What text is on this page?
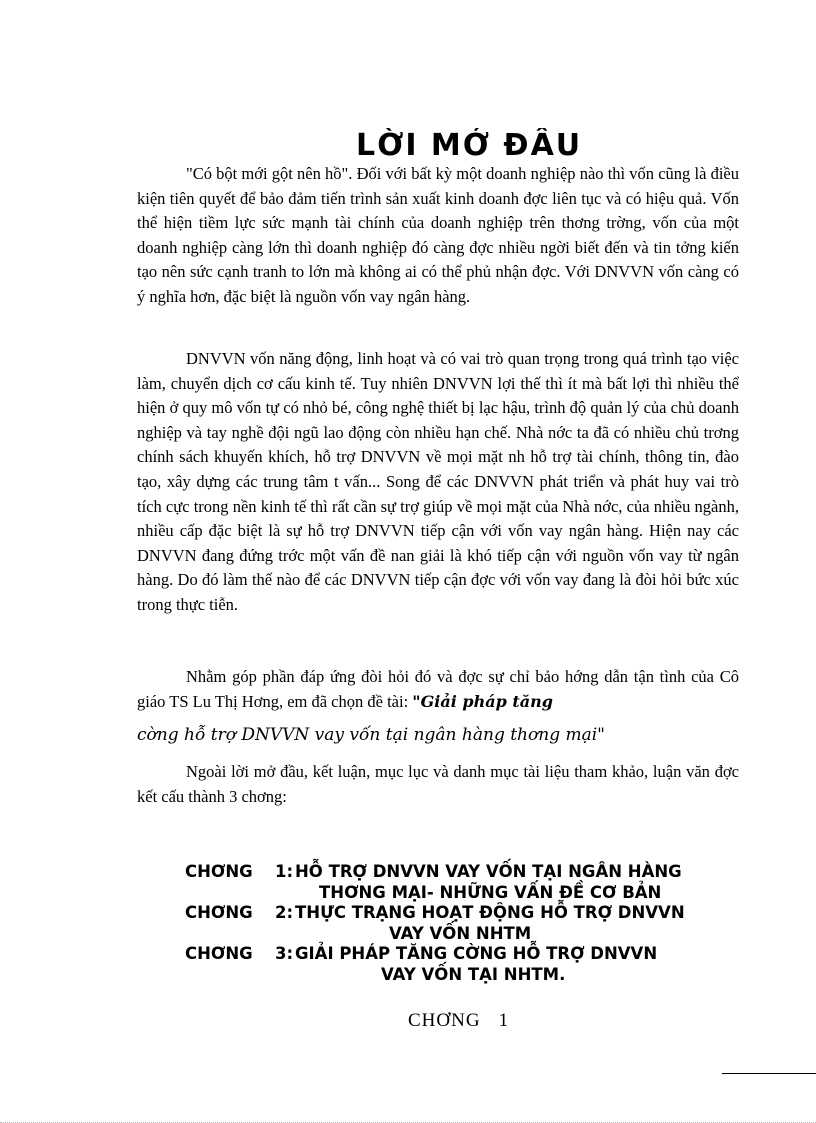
LỜI MỞ ĐẦU

"Có bột mới gột nên hồ". Đối với bất kỳ một doanh nghiệp nào thì vốn cũng là điều kiện tiên quyết để bảo đảm tiến trình sản xuất kinh doanh đợc liên tục và có hiệu quả. Vốn thể hiện tiềm lực sức mạnh tài chính của doanh nghiệp trên thơng trờng, vốn của một doanh nghiệp càng lớn thì doanh nghiệp đó càng đợc nhiều ngời biết đến và tin tởng kiến tạo nên sức cạnh tranh to lớn mà không ai có thể phủ nhận đợc. Với DNVVN vốn càng có ý nghĩa hơn, đặc biệt là nguồn vốn vay ngân hàng.

DNVVN vốn năng động, linh hoạt và có vai trò quan trọng trong quá trình tạo việc làm, chuyển dịch cơ cấu kinh tế. Tuy nhiên DNVVN lợi thế thì ít mà bất lợi thì nhiều thể hiện ở quy mô vốn tự có nhỏ bé, công nghệ thiết bị lạc hậu, trình độ quản lý của chủ doanh nghiệp và tay nghề đội ngũ lao động còn nhiều hạn chế. Nhà nớc ta đã có nhiều chủ trơng chính sách khuyến khích, hỗ trợ DNVVN về mọi mặt nh hỗ trợ tài chính, thông tin, đào tạo, xây dựng các trung tâm t vấn... Song để các DNVVN phát triển và phát huy vai trò tích cực trong nền kinh tế thì rất cần sự trợ giúp về mọi mặt của Nhà nớc, của nhiều ngành, nhiều cấp đặc biệt là sự hỗ trợ DNVVN tiếp cận với vốn vay ngân hàng. Hiện nay các DNVVN đang đứng trớc một vấn đề nan giải là khó tiếp cận với nguồn vốn vay từ ngân hàng. Do đó làm thế nào để các DNVVN tiếp cận đợc với vốn vay đang là đòi hỏi bức xúc trong thực tiễn.

Nhằm góp phần đáp ứng đòi hỏi đó và đợc sự chỉ bảo hớng dẫn tận tình của Cô giáo TS Lu Thị Hơng, em đã chọn đề tài: "Giải pháp tăng

cờng hỗ trợ DNVVN vay vốn tại ngân hàng thơng mại"

Ngoài lời mở đầu, kết luận, mục lục và danh mục tài liệu tham khảo, luận văn đợc kết cấu thành 3 chơng:

CHƠNG	1: HỖ TRỢ DNVVN VAY VỐN TẠI NGÂN HÀNG
THƠNG MẠI- NHỮNG VẤN ĐỀ CƠ BẢN
CHƠNG	2: THỰC TRẠNG HOẠT ĐỘNG HỖ TRỢ DNVVN
VAY VỐN NHTM
CHƠNG	3: GIẢI PHÁP TĂNG CỜNG HỖ TRỢ DNVVN
VAY VỐN TẠI NHTM.
CHƠNG 1
